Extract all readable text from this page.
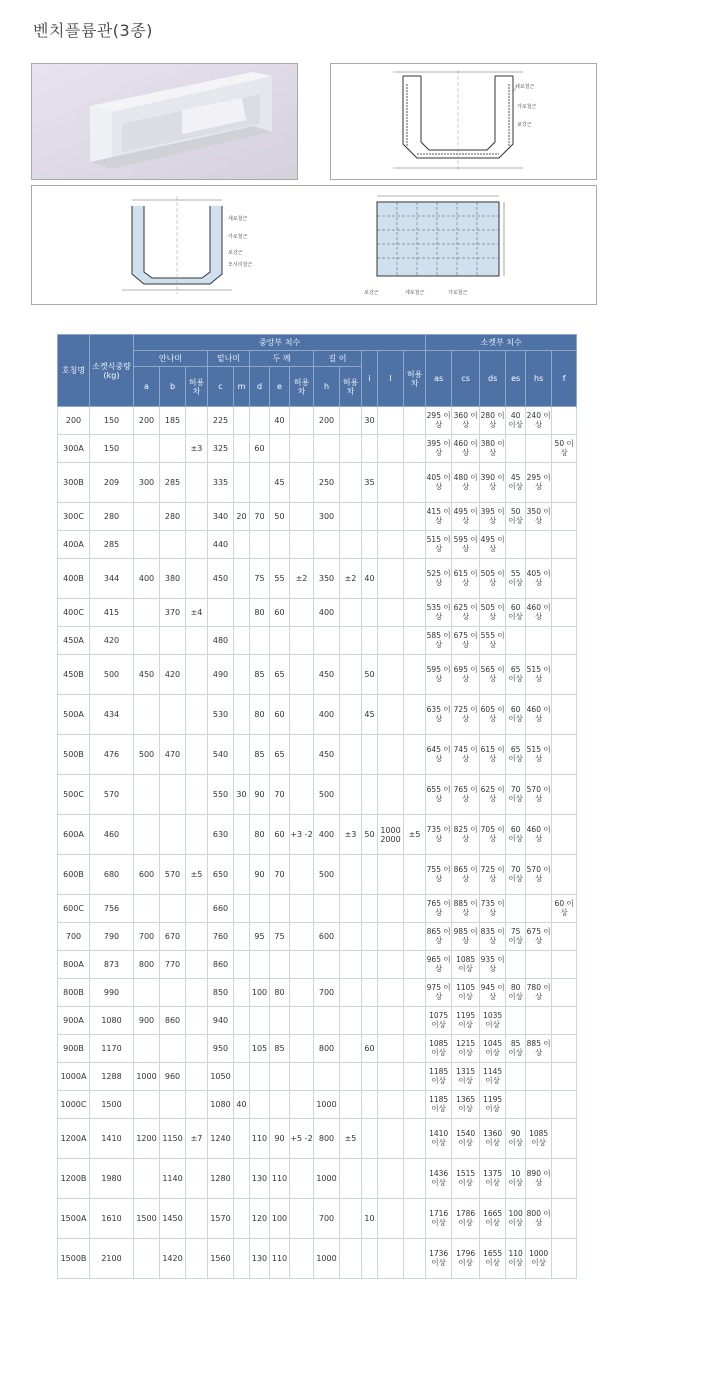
벤치플륨관(3종)
세로철근
가로철근
보강근
세로철근
가로철근
보강근
모서리철근
보강근	세로철근	가로철근
호칭명	소켓식중량(kg)	중앙부 치수													소켓부 치수					
		안나미			밑나미		두 께			길 이		i	l	허용차	as	cs	ds	es	hs	f
		a	b	허용차	c	m	d	e	허용차	h	허용차									
200	150	200	185		225			40		200		30			295 이상	360 이상	280 이상	40 이상	240 이상	
300A	150			±3	325		60								395 이상	460 이상	380 이상			50 이상
300B	209	300	285		335			45		250		35			405 이상	480 이상	390 이상	45 이상	295 이상	
300C	280		280		340	20	70	50		300					415 이상	495 이상	395 이상	50 이상	350 이상	
400A	285				440										515 이상	595 이상	495 이상			
400B	344	400	380		450		75	55	±2	350	±2	40			525 이상	615 이상	505 이상	55 이상	405 이상	
400C	415		370	±4			80	60		400					535 이상	625 이상	505 이상	60 이상	460 이상	
450A	420				480										585 이상	675 이상	555 이상			
450B	500	450	420		490		85	65		450		50			595 이상	695 이상	565 이상	65 이상	515 이상	
500A	434				530		80	60		400		45			635 이상	725 이상	605 이상	60 이상	460 이상	
500B	476	500	470		540		85	65		450					645 이상	745 이상	615 이상	65 이상	515 이상	
500C	570				550	30	90	70		500					655 이상	765 이상	625 이상	70 이상	570 이상	
600A	460				630		80	60	+3 -2	400	±3	50	1000 2000	±5	735 이상	825 이상	705 이상	60 이상	460 이상	
600B	680	600	570	±5	650		90	70		500					755 이상	865 이상	725 이상	70 이상	570 이상	
600C	756				660										765 이상	885 이상	735 이상			60 이상
700	790	700	670		760		95	75		600					865 이상	985 이상	835 이상	75 이상	675 이상	
800A	873	800	770		860										965 이상	1085 이상	935 이상			
800B	990				850		100	80		700					975 이상	1105 이상	945 이상	80 이상	780 이상	
900A	1080	900	860		940										1075 이상	1195 이상	1035 이상			
900B	1170				950		105	85		800		60			1085 이상	1215 이상	1045 이상	85 이상	885 이상	
1000A	1288	1000	960		1050										1185 이상	1315 이상	1145 이상			
1000C	1500				1080	40				1000					1185 이상	1365 이상	1195 이상			
1200A	1410	1200	1150	±7	1240		110	90	+5 -2	800	±5				1410 이상	1540 이상	1360 이상	90 이상	1085 이상	
1200B	1980		1140		1280		130	110		1000					1436 이상	1515 이상	1375 이상	10 이상	890 이상	
1500A	1610	1500	1450		1570		120	100		700		10			1716 이상	1786 이상	1665 이상	100 이상	800 이상	
1500B	2100		1420		1560		130	110		1000					1736 이상	1796 이상	1655 이상	110 이상	1000 이상	
